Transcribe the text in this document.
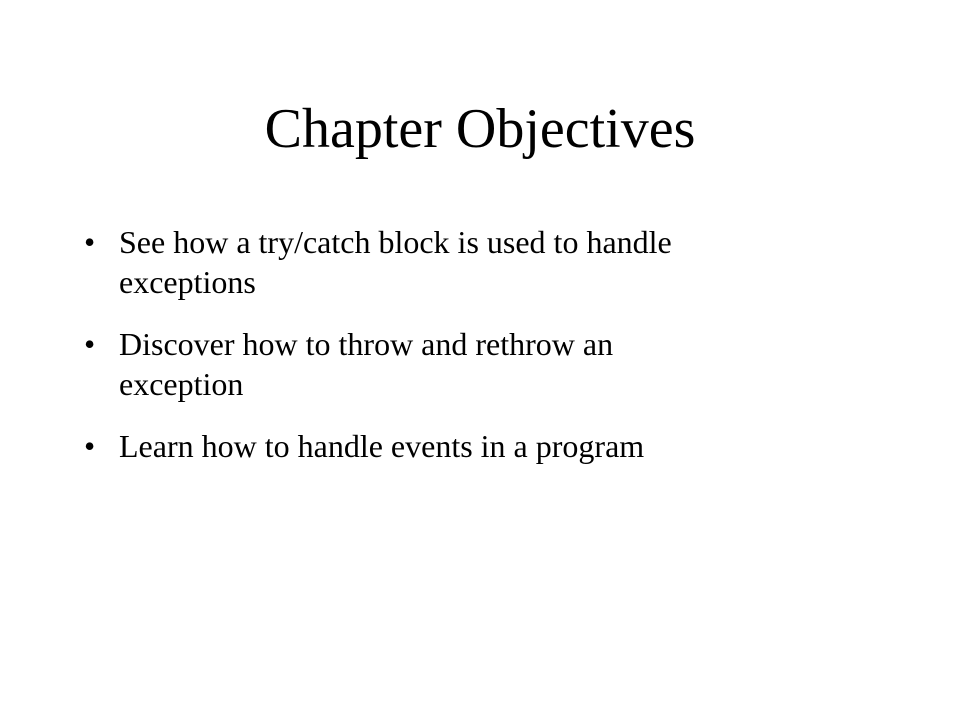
Chapter Objectives
• See how a try/catch block is used to handle
exceptions
• Discover how to throw and rethrow an
exception
• Learn how to handle events in a program
